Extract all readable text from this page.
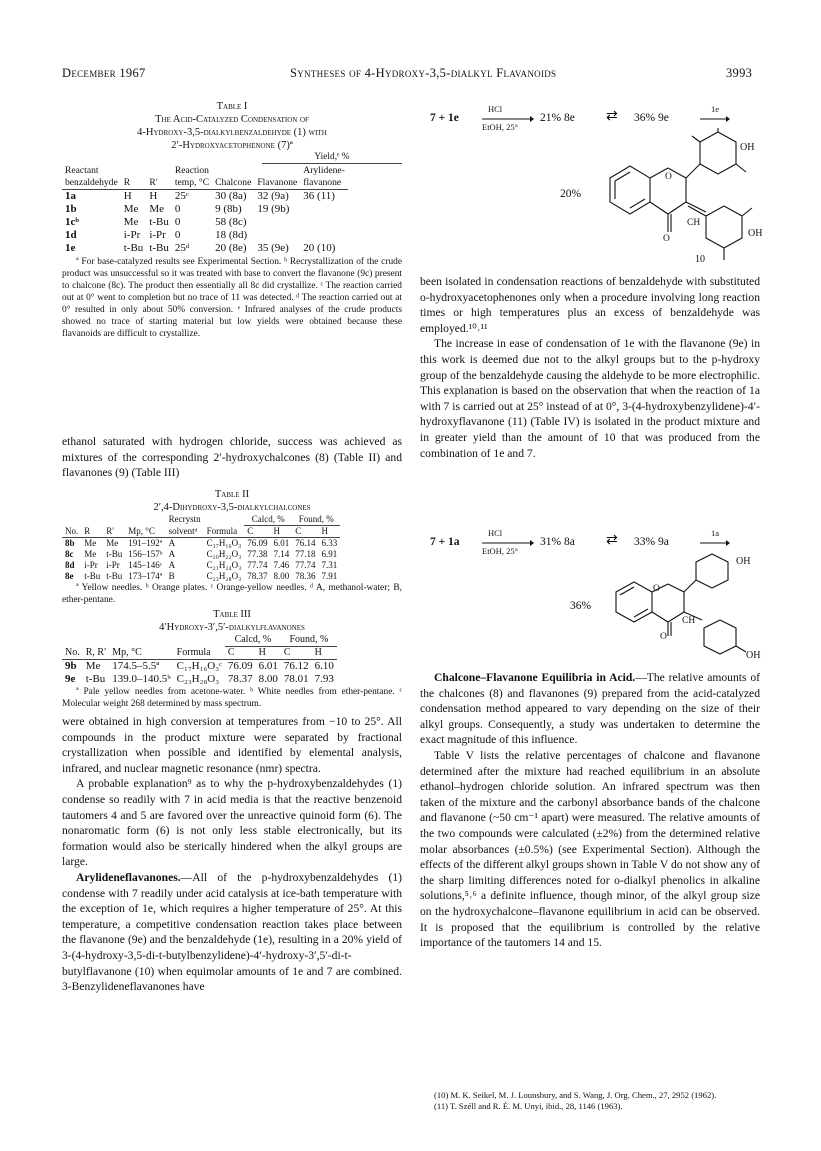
December 1967	Syntheses of 4-Hydroxy-3,5-dialkyl Flavanoids	3993
Table I
The Acid-Catalyzed Condensation of
4-Hydroxy-3,5-dialkylbenzaldehyde (1) with
2′-Hydroxyacetophenone (7)ª
Yield,ᵉ %
Reactant			Reaction			Arylidene-
benzaldehyde	R	R′	temp, °C	Chalcone	Flavanone	flavanone
1a	H	H	25ᶜ	30 (8a)	32 (9a)	36 (11)
1b	Me	Me	0	9 (8b)	19 (9b)	
1cᵇ	Me	t-Bu	0	58 (8c)		
1d	i-Pr	i-Pr	0	18 (8d)		
1e	t-Bu	t-Bu	25ᵈ	20 (8e)	35 (9e)	20 (10)
ª For base-catalyzed results see Experimental Section. ᵇ Recrystallization of the crude product was unsuccessful so it was treated with base to convert the flavanone (9c) present to chalcone (8c). The product then essentially all 8c did crystallize. ᶜ The reaction carried out at 0° went to completion but no trace of 11 was detected. ᵈ The reaction carried out at 0° resulted in only about 50% conversion. ᵉ Infrared analyses of the crude products showed no trace of starting material but low yields were obtained because these flavanoids are difficult to crystallize.

ethanol saturated with hydrogen chloride, success was achieved as mixtures of the corresponding 2′-hydroxychalcones (8) (Table II) and flavanones (9) (Table III)

Table II
2′,4-Dihydroxy-3,5-dialkylchalcones
				Recrystn		Calcd, %		Found, %	
No.	R	R′	Mp, °C	solventᵈ	Formula	C	H	C	H
8b	Me	Me	191–192ª	A	C₁₇H₁₆O₃	76.09	6.01	76.14	6.33
8c	Me	t-Bu	156–157ᵇ	A	C₂₀H₂₂O₃	77.38	7.14	77.18	6.91
8d	i-Pr	i-Pr	145–146ᶜ	A	C₂₁H₂₄O₃	77.74	7.46	77.74	7.31
8e	t-Bu	t-Bu	173–174ª	B	C₂₃H₂₈O₃	78.37	8.00	78.36	7.91
ª Yellow needles. ᵇ Orange plates. ᶜ Orange-yellow needles. ᵈ A, methanol-water; B, ether-pentane.
Table III
4′Hydroxy-3′,5′-dialkylflavanones
				Calcd, %		Found, %	
No.	R, R′	Mp, °C	Formula	C	H	C	H
9b	Me	174.5–5.5ª	C₁₇H₁₆O₃ᶜ	76.09	6.01	76.12	6.10
9e	t-Bu	139.0–140.5ᵇ	C₂₃H₂₈O₃	78.37	8.00	78.01	7.93
ª Pale yellow needles from acetone-water. ᵇ White needles from ether-pentane. ᶜ Molecular weight 268 determined by mass spectrum.

were obtained in high conversion at temperatures from −10 to 25°. All compounds in the product mixture were separated by fractional crystallization when possible and identified by elemental analysis, infrared, and nuclear magnetic resonance (nmr) spectra.

A probable explanation⁹ as to why the p-hydroxybenzaldehydes (1) condense so readily with 7 in acid media is that the reactive benzenoid tautomers 4 and 5 are favored over the unreactive quinoid form (6). The nonaromatic form (6) is not only less stable electronically, but its formation would also be sterically hindered when the alkyl groups are large.

Arylideneflavanones.—All of the p-hydroxybenzaldehydes (1) condense with 7 readily under acid catalysis at ice-bath temperature with the exception of 1e, which requires a higher temperature of 25°. At this temperature, a competitive condensation reaction takes place between the flavanone (9e) and the benzaldehyde (1e), resulting in a 20% yield of 3-(4-hydroxy-3,5-di-t-butylbenzylidene)-4′-hydroxy-3′,5′-di-t-butylflavanone (10) when equimolar amounts of 1e and 7 are combined. 3-Benzylideneflavanones have

7 + 1e
HCl
EtOH, 25°
→ 21% 8e ⇄ 36% 9e
1e
20%
O
O
CH
OH
OH
10

been isolated in condensation reactions of benzaldehyde with substituted o-hydroxyacetophenones only when a procedure involving long reaction times or high temperatures plus an excess of benzaldehyde was employed.¹⁰˒¹¹

The increase in ease of condensation of 1e with the flavanone (9e) in this work is deemed due not to the alkyl groups but to the p-hydroxy group of the benzaldehyde causing the aldehyde to be more electrophilic. This explanation is based on the observation that when the reaction of 1a with 7 is carried out at 25° instead of at 0°, 3-(4-hydroxybenzylidene)-4′-hydroxyflavanone (11) (Table IV) is isolated in the product mixture and in greater yield than the amount of 10 that was produced from the combination of 1e and 7.

7 + 1a
HCl
EtOH, 25°
→ 31% 8a ⇄ 33% 9a
1a
36%
O
O
CH
OH
OH

Chalcone–Flavanone Equilibria in Acid.—The relative amounts of the chalcones (8) and flavanones (9) prepared from the acid-catalyzed condensation method appeared to vary depending on the size of their alkyl groups. Consequently, a study was undertaken to determine the exact magnitude of this influence.

Table V lists the relative percentages of chalcone and flavanone determined after the mixture had reached equilibrium in an absolute ethanol–hydrogen chloride solution. An infrared spectrum was then taken of the mixture and the carbonyl absorbance bands of the chalcone and flavanone (~50 cm⁻¹ apart) were measured. The relative amounts of the two compounds were calculated (±2%) from the determined relative molar absorbances (±0.5%) (see Experimental Section). Although the effects of the different alkyl groups shown in Table V do not show any of the sharp limiting differences noted for o-dialkyl phenolics in alkaline solutions,⁵˒⁶ a definite influence, though minor, of the alkyl group size on the hydroxychalcone–flavanone equilibrium in acid can be observed. It is proposed that the equilibrium is controlled by the relative importance of the tautomers 14 and 15.

(10) M. K. Seikel, M. J. Lounsbury, and S. Wang, J. Org. Chem., 27, 2952 (1962).
(11) T. Széll and R. É. M. Unyi, ibid., 28, 1146 (1963).
